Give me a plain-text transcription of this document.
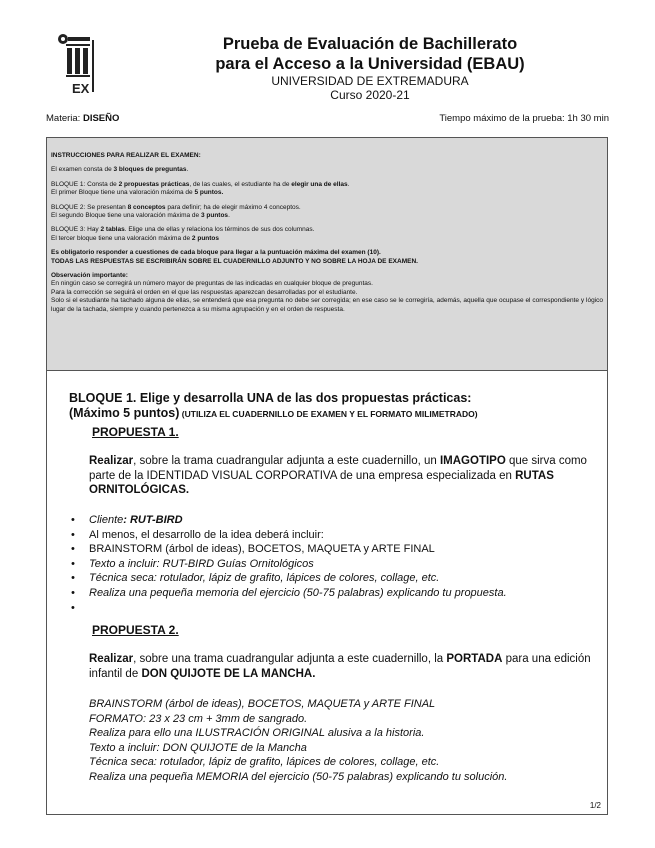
EX
Prueba de Evaluación de Bachillerato
para el Acceso a la Universidad (EBAU)
UNIVERSIDAD DE EXTREMADURA
Curso 2020-21
Materia: DISEÑO	Tiempo máximo de la prueba: 1h 30 min

INSTRUCCIONES PARA REALIZAR EL EXAMEN:

El examen consta de 3 bloques de preguntas.

BLOQUE 1: Consta de 2 propuestas prácticas, de las cuales, el estudiante ha de elegir una de ellas.
El primer Bloque tiene una valoración máxima de 5 puntos.

BLOQUE 2: Se presentan 8 conceptos para definir; ha de elegir máximo 4 conceptos.
El segundo Bloque tiene una valoración máxima de 3 puntos.

BLOQUE 3: Hay 2 tablas. Elige una de ellas y relaciona los términos de sus dos columnas.
El tercer bloque tiene una valoración máxima de 2 puntos

Es obligatorio responder a cuestiones de cada bloque para llegar a la puntuación máxima del examen (10).
TODAS LAS RESPUESTAS SE ESCRIBIRÁN SOBRE EL CUADERNILLO ADJUNTO Y NO SOBRE LA HOJA DE EXAMEN.

Observación importante:
En ningún caso se corregirá un número mayor de preguntas de las indicadas en cualquier bloque de preguntas.
Para la corrección se seguirá el orden en el que las respuestas aparezcan desarrolladas por el estudiante.
Solo si el estudiante ha tachado alguna de ellas, se entenderá que esa pregunta no debe ser corregida; en ese caso se le corregiría, además, aquella que ocupase el correspondiente y lógico lugar de la tachada, siempre y cuando pertenezca a su misma agrupación y en el orden de respuesta.

BLOQUE 1. Elige y desarrolla UNA de las dos propuestas prácticas:
(Máximo 5 puntos) (UTILIZA EL CUADERNILLO DE EXAMEN Y EL FORMATO MILIMETRADO)
PROPUESTA 1.
Realizar, sobre la trama cuadrangular adjunta a este cuadernillo, un IMAGOTIPO que sirva como parte de la IDENTIDAD VISUAL CORPORATIVA de una empresa especializada en RUTAS ORNITOLÓGICAS.
• Cliente: RUT-BIRD
• Al menos, el desarrollo de la idea deberá incluir:
• BRAINSTORM (árbol de ideas), BOCETOS, MAQUETA y ARTE FINAL
• Texto a incluir: RUT-BIRD Guías Ornitológicos
• Técnica seca: rotulador, lápiz de grafito, lápices de colores, collage, etc.
• Realiza una pequeña memoria del ejercicio (50-75 palabras) explicando tu propuesta.
•
PROPUESTA 2.
Realizar, sobre una trama cuadrangular adjunta a este cuadernillo, la PORTADA para una edición infantil de DON QUIJOTE DE LA MANCHA.
BRAINSTORM (árbol de ideas), BOCETOS, MAQUETA y ARTE FINAL
FORMATO: 23 x 23 cm + 3mm de sangrado.
Realiza para ello una ILUSTRACIÓN ORIGINAL alusiva a la historia.
Texto a incluir: DON QUIJOTE de la Mancha
Técnica seca: rotulador, lápiz de grafito, lápices de colores, collage, etc.
Realiza una pequeña MEMORIA del ejercicio (50-75 palabras) explicando tu solución.
1/2
